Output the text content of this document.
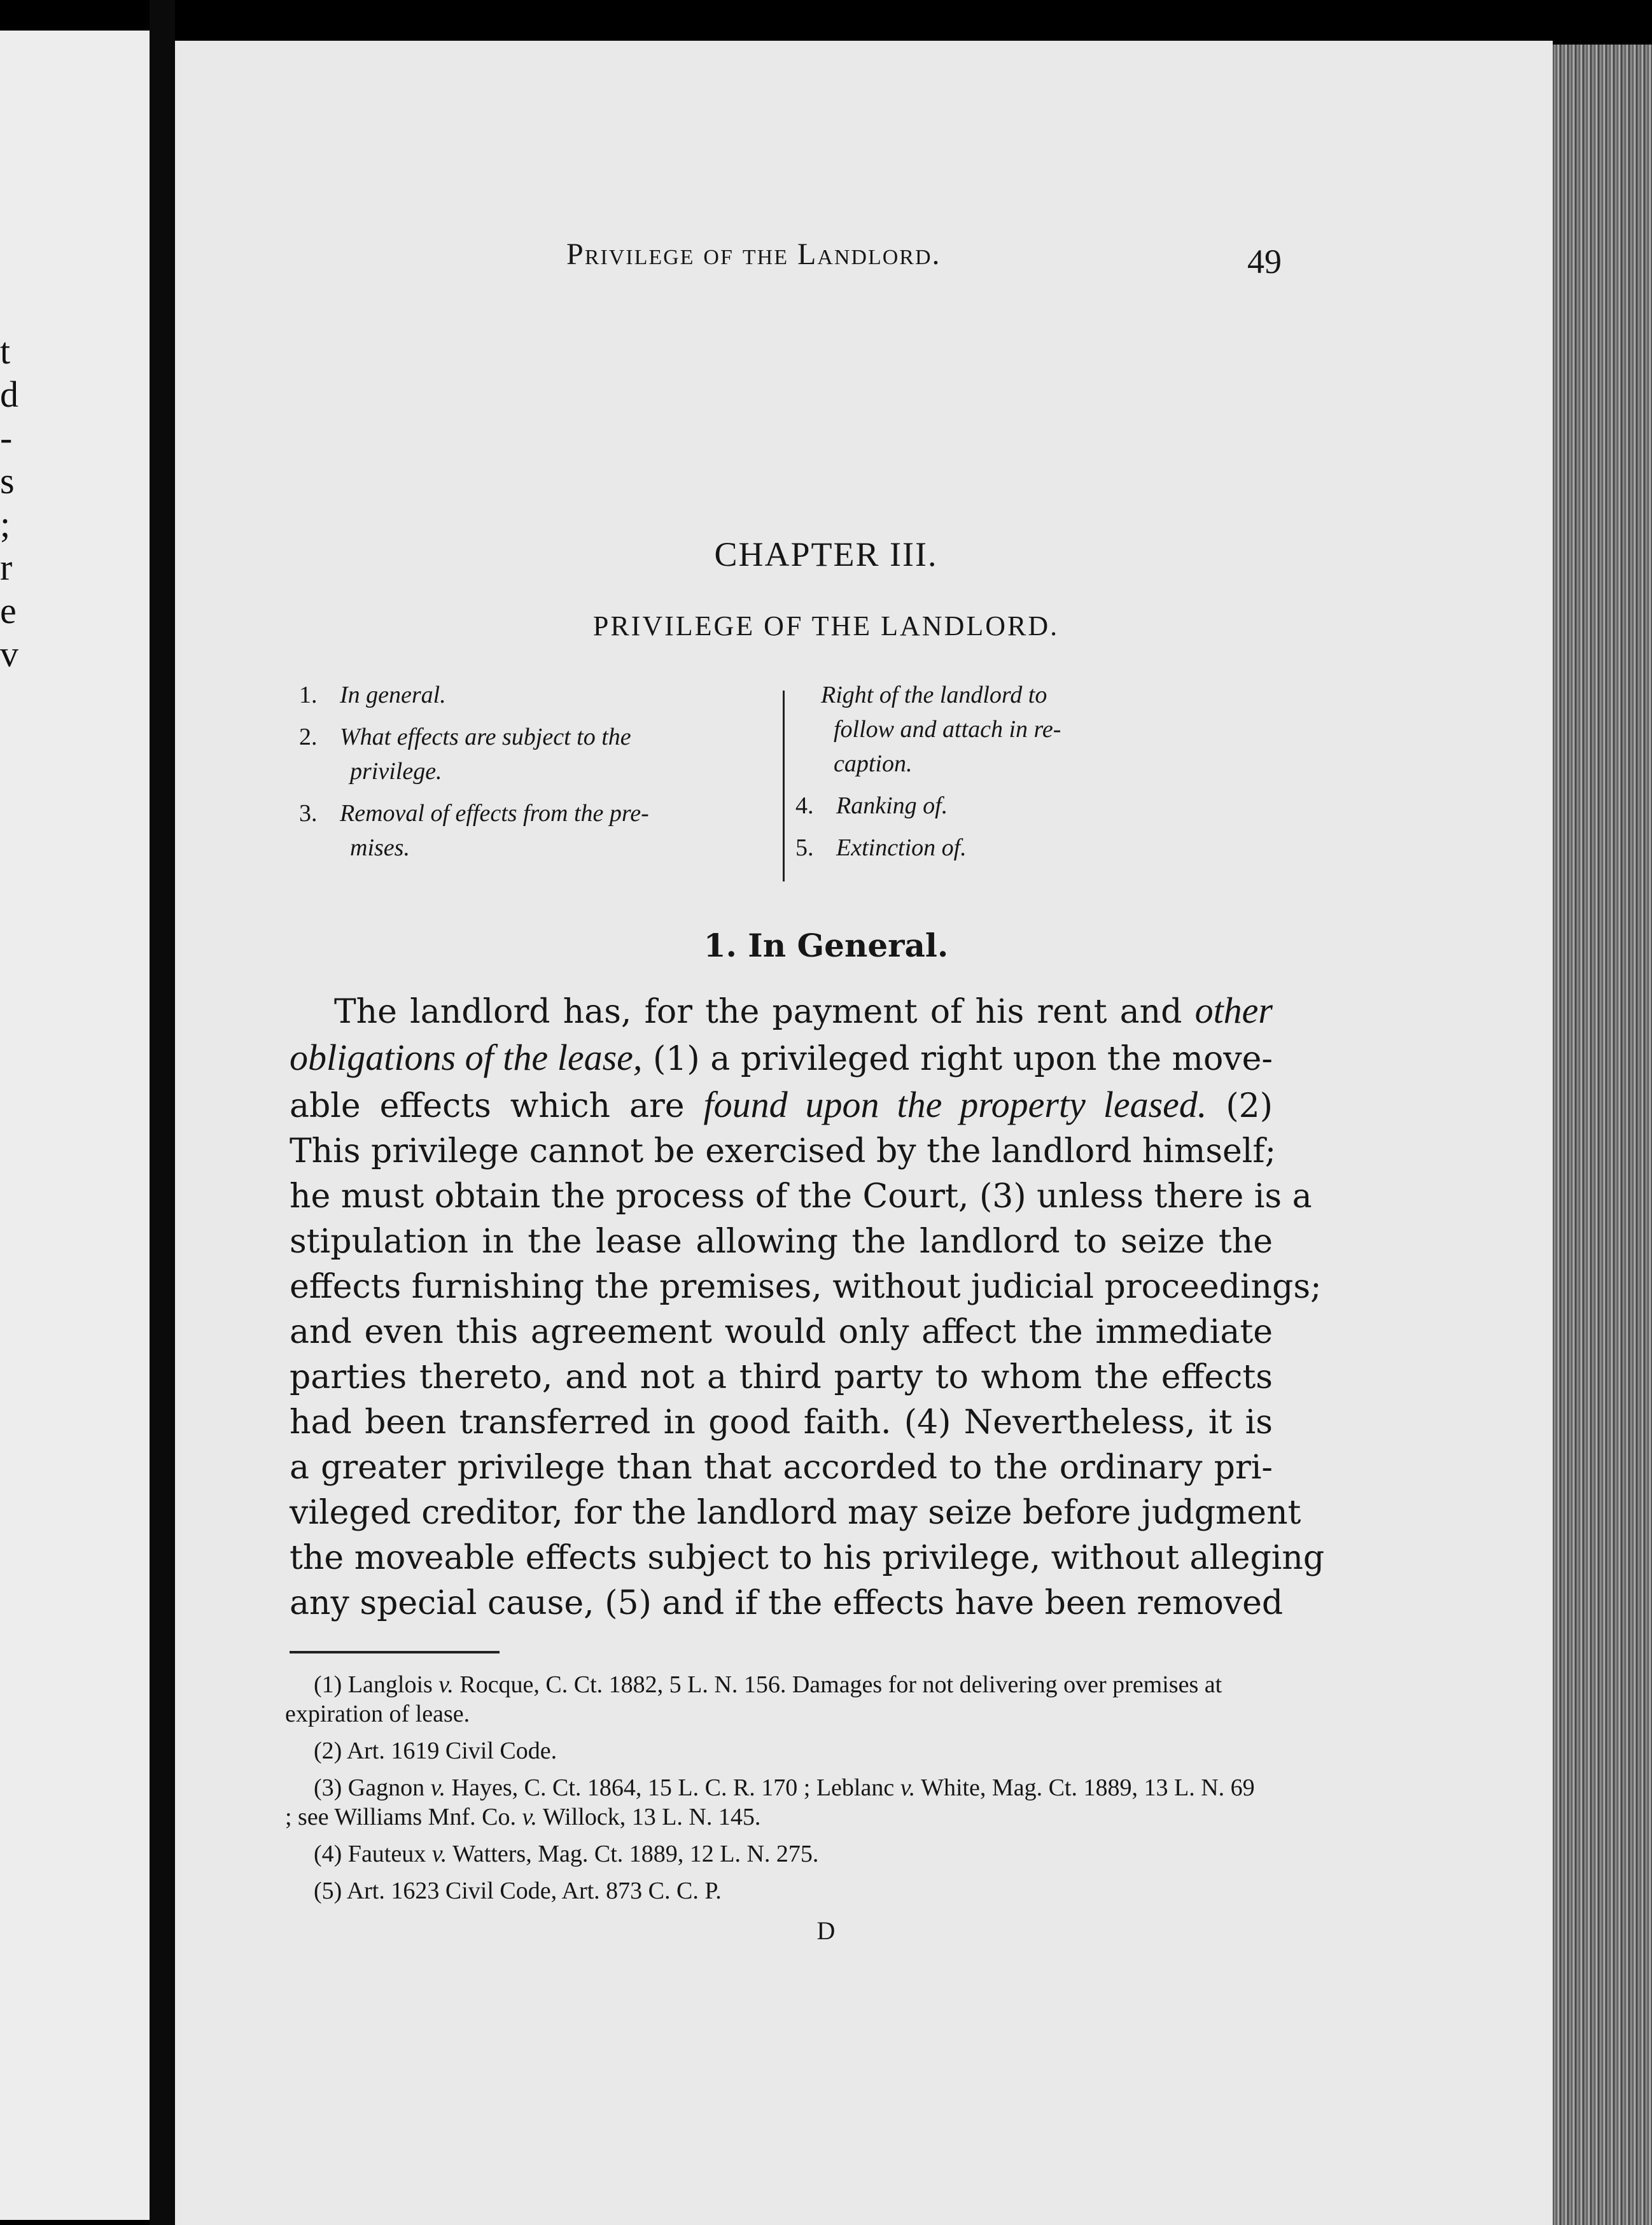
t
d
-
s
;
r
e
v
Privilege of the Landlord.	49
CHAPTER III.
PRIVILEGE OF THE LANDLORD.
1. In general.
2. What effects are subject to the
privilege.
3. Removal of effects from the pre-
mises.
Right of the landlord to
follow and attach in re-
caption.
4. Ranking of.
5. Extinction of.
1. In General.
The landlord has, for the payment of his rent and other
obligations of the lease, (1) a privileged right upon the move-
able effects which are found upon the property leased. (2)
This privilege cannot be exercised by the landlord himself;
he must obtain the process of the Court, (3) unless there is a
stipulation in the lease allowing the landlord to seize the
effects furnishing the premises, without judicial proceedings;
and even this agreement would only affect the immediate
parties thereto, and not a third party to whom the effects
had been transferred in good faith. (4) Nevertheless, it is
a greater privilege than that accorded to the ordinary pri-
vileged creditor, for the landlord may seize before judgment
the moveable effects subject to his privilege, without alleging
any special cause, (5) and if the effects have been removed
(1) Langlois v. Rocque, C. Ct. 1882, 5 L. N. 156. Damages for not delivering over premises at expiration of lease.
(2) Art. 1619 Civil Code.
(3) Gagnon v. Hayes, C. Ct. 1864, 15 L. C. R. 170 ; Leblanc v. White, Mag. Ct. 1889, 13 L. N. 69 ; see Williams Mnf. Co. v. Willock, 13 L. N. 145.
(4) Fauteux v. Watters, Mag. Ct. 1889, 12 L. N. 275.
(5) Art. 1623 Civil Code, Art. 873 C. C. P.
D
